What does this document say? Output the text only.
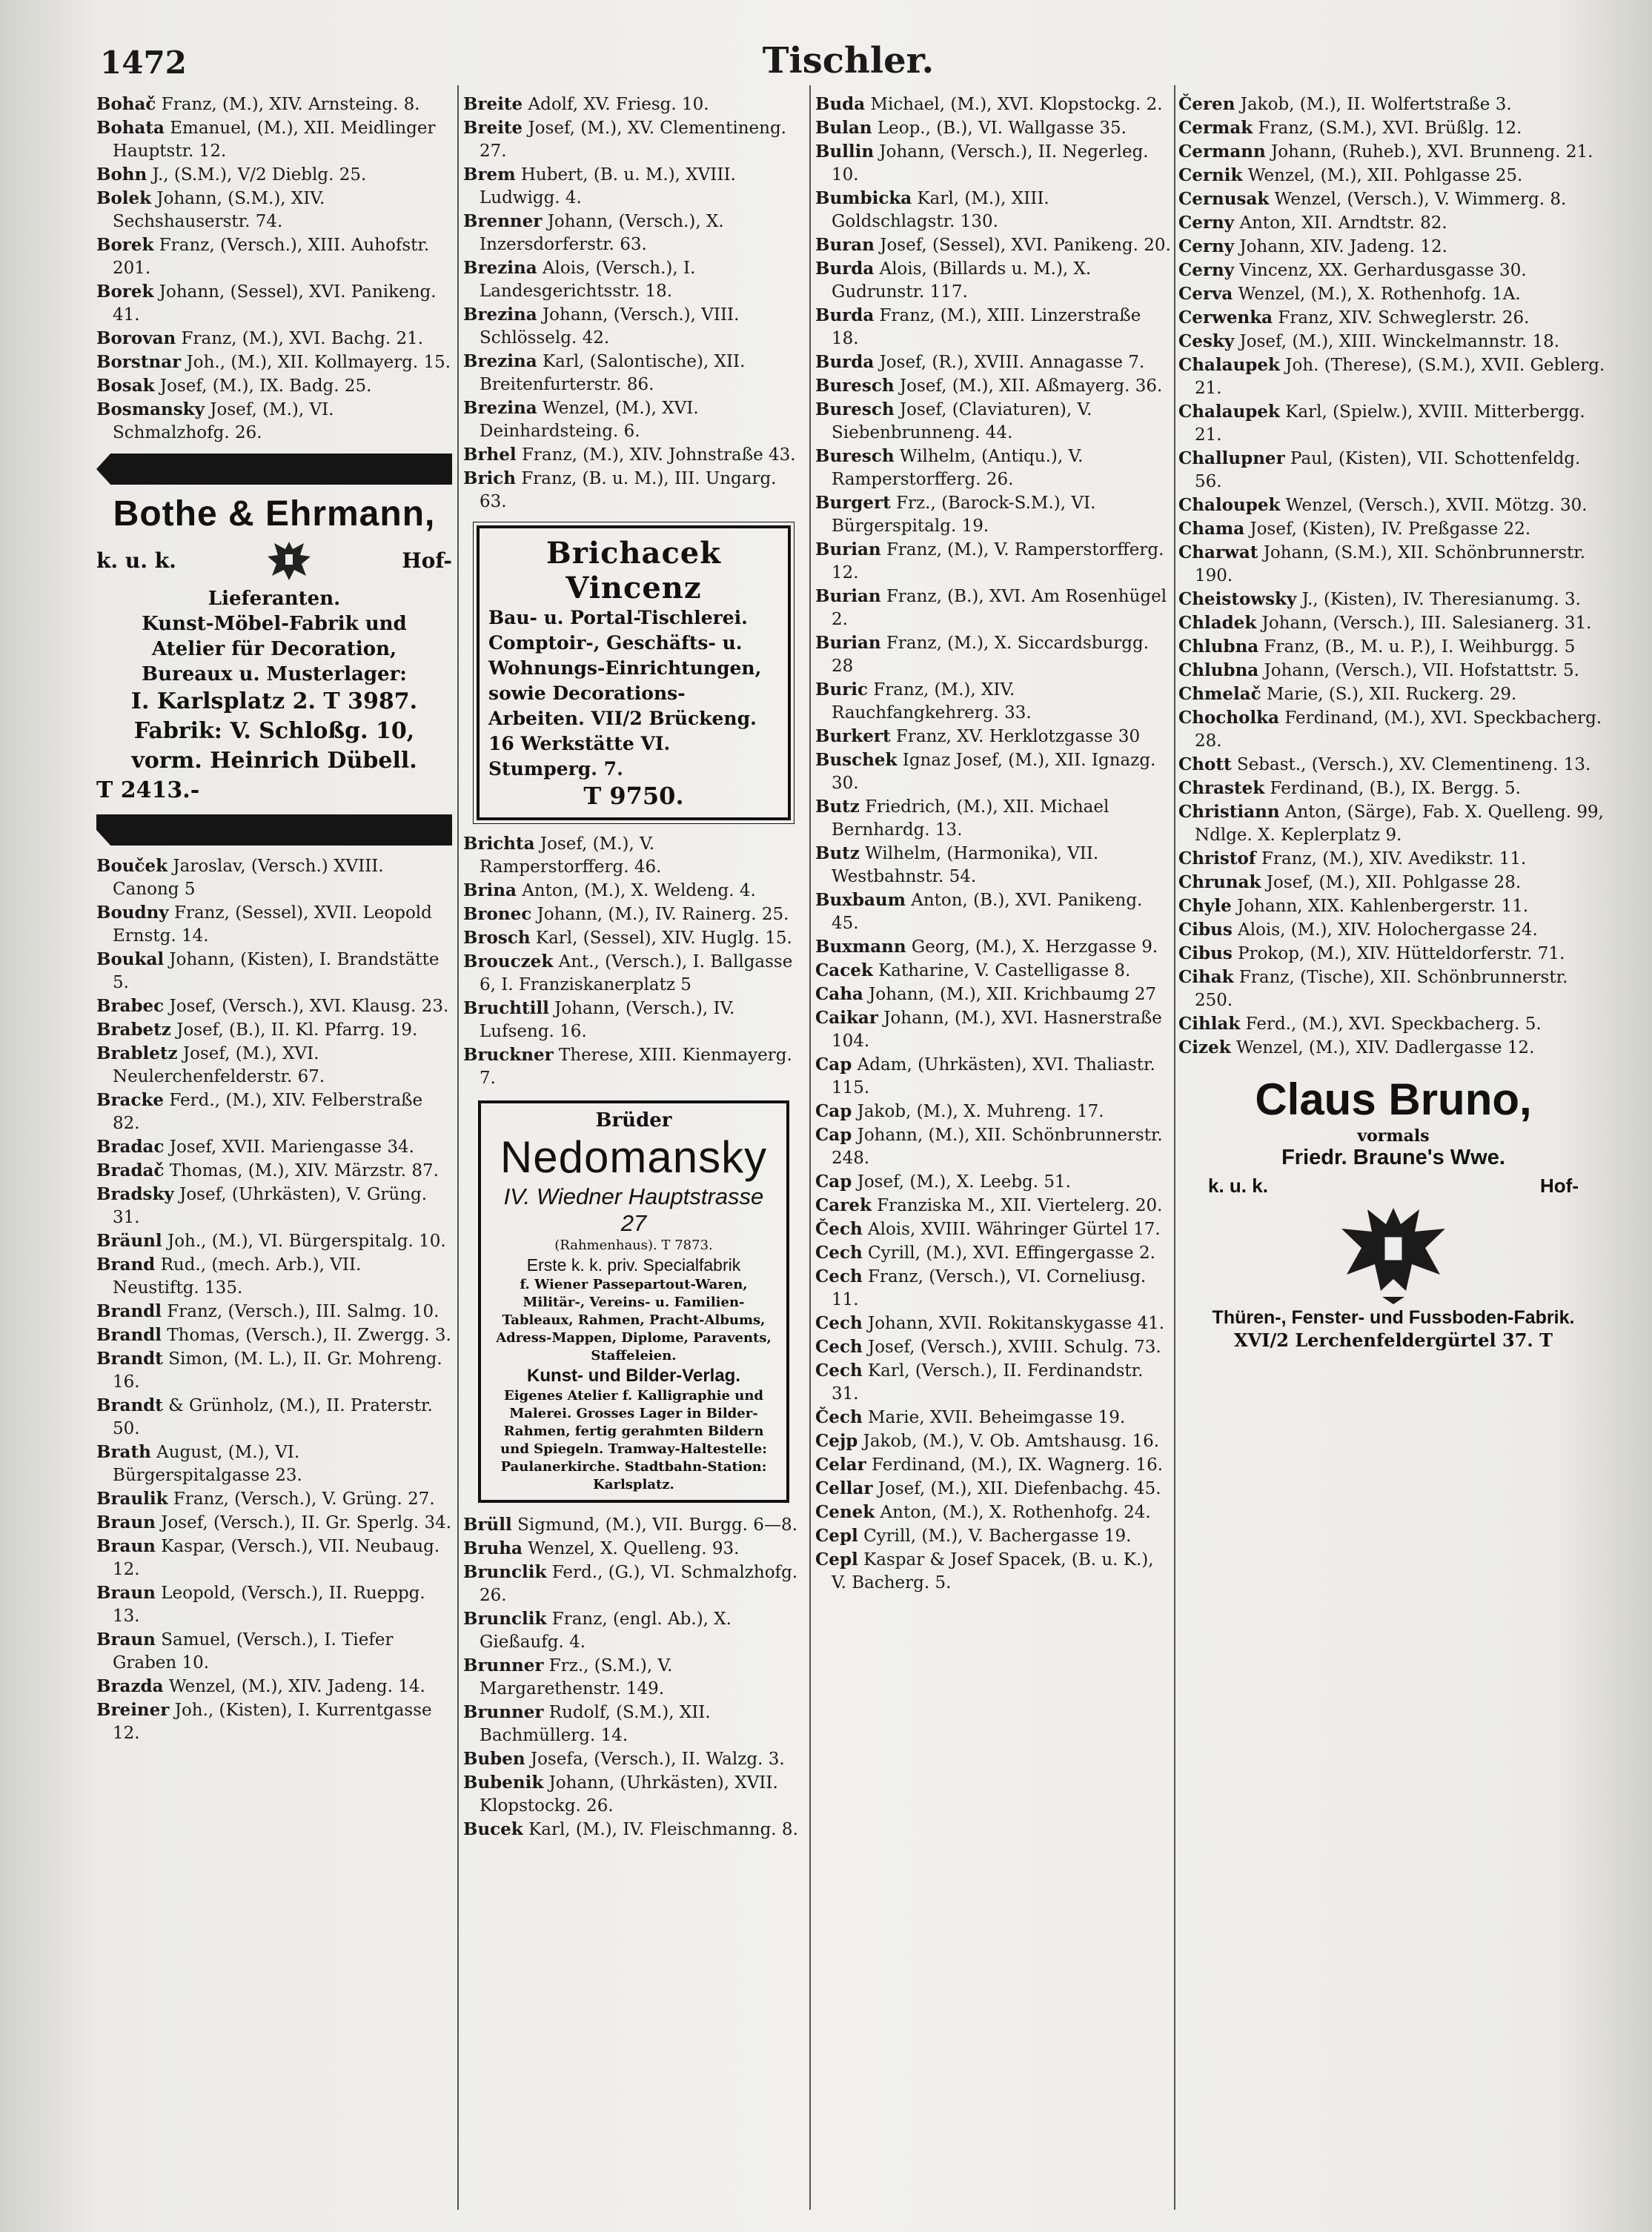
1472	Tischler.
Bohač Franz, (M.), XIV. Arnsteing. 8.
Bohata Emanuel, (M.), XII. Meidlinger Hauptstr. 12.
Bohn J., (S.M.), V/2 Dieblg. 25.
Bolek Johann, (S.M.), XIV. Sechshauserstr. 74.
Borek Franz, (Versch.), XIII. Auhofstr. 201.
Borek Johann, (Sessel), XVI. Panikeng. 41.
Borovan Franz, (M.), XVI. Bachg. 21.
Borstnar Joh., (M.), XII. Kollmayerg. 15.
Bosak Josef, (M.), IX. Badg. 25.
Bosmansky Josef, (M.), VI. Schmalzhofg. 26.
Bothe & Ehrmann,
k. u. k.	Hof-
Lieferanten.
Kunst-Möbel-Fabrik und
Atelier für Decoration,
Bureaux u. Musterlager:
I. Karlsplatz 2. T 3987.
Fabrik: V. Schloßg. 10,
vorm. Heinrich Dübell.
T 2413.-
Bouček Jaroslav, (Versch.) XVIII. Canong 5
Boudny Franz, (Sessel), XVII. Leopold Ernstg. 14.
Boukal Johann, (Kisten), I. Brandstätte 5.
Brabec Josef, (Versch.), XVI. Klausg. 23.
Brabetz Josef, (B.), II. Kl. Pfarrg. 19.
Brabletz Josef, (M.), XVI. Neulerchenfelderstr. 67.
Bracke Ferd., (M.), XIV. Felberstraße 82.
Bradac Josef, XVII. Mariengasse 34.
Bradač Thomas, (M.), XIV. Märzstr. 87.
Bradsky Josef, (Uhrkästen), V. Grüng. 31.
Bräunl Joh., (M.), VI. Bürgerspitalg. 10.
Brand Rud., (mech. Arb.), VII. Neustiftg. 135.
Brandl Franz, (Versch.), III. Salmg. 10.
Brandl Thomas, (Versch.), II. Zwergg. 3.
Brandt Simon, (M. L.), II. Gr. Mohreng. 16.
Brandt & Grünholz, (M.), II. Praterstr. 50.
Brath August, (M.), VI. Bürgerspitalgasse 23.
Braulik Franz, (Versch.), V. Grüng. 27.
Braun Josef, (Versch.), II. Gr. Sperlg. 34.
Braun Kaspar, (Versch.), VII. Neubaug. 12.
Braun Leopold, (Versch.), II. Rueppg. 13.
Braun Samuel, (Versch.), I. Tiefer Graben 10.
Brazda Wenzel, (M.), XIV. Jadeng. 14.
Breiner Joh., (Kisten), I. Kurrentgasse 12.
Breite Adolf, XV. Friesg. 10.
Breite Josef, (M.), XV. Clementineng. 27.
Brem Hubert, (B. u. M.), XVIII. Ludwigg. 4.
Brenner Johann, (Versch.), X. Inzersdorferstr. 63.
Brezina Alois, (Versch.), I. Landesgerichtsstr. 18.
Brezina Johann, (Versch.), VIII. Schlösselg. 42.
Brezina Karl, (Salontische), XII. Breitenfurterstr. 86.
Brezina Wenzel, (M.), XVI. Deinhardsteing. 6.
Brhel Franz, (M.), XIV. Johnstraße 43.
Brich Franz, (B. u. M.), III. Ungarg. 63.
Brichacek Vincenz
Bau- u. Portal-Tischlerei. Comptoir-, Geschäfts- u. Wohnungs-Einrichtungen, sowie Decorations-Arbeiten. VII/2 Brückeng. 16 Werkstätte VI. Stumperg. 7.
T 9750.
Brichta Josef, (M.), V. Ramperstorfferg. 46.
Brina Anton, (M.), X. Weldeng. 4.
Bronec Johann, (M.), IV. Rainerg. 25.
Brosch Karl, (Sessel), XIV. Huglg. 15.
Brouczek Ant., (Versch.), I. Ballgasse 6, I. Franziskanerplatz 5
Bruchtill Johann, (Versch.), IV. Lufseng. 16.
Bruckner Therese, XIII. Kienmayerg. 7.
Brüder
Nedomansky
IV. Wiedner Hauptstrasse 27
(Rahmenhaus). T 7873.
Erste k. k. priv. Specialfabrik
f. Wiener Passepartout-Waren, Militär-, Vereins- u. Familien-Tableaux, Rahmen, Pracht-Albums, Adress-Mappen, Diplome, Paravents, Staffeleien.
Kunst- und Bilder-Verlag.
Eigenes Atelier f. Kalligraphie und Malerei. Grosses Lager in Bilder-Rahmen, fertig gerahmten Bildern und Spiegeln. Tramway-Haltestelle: Paulanerkirche. Stadtbahn-Station: Karlsplatz.
Brüll Sigmund, (M.), VII. Burgg. 6—8.
Bruha Wenzel, X. Quelleng. 93.
Brunclik Ferd., (G.), VI. Schmalzhofg. 26.
Brunclik Franz, (engl. Ab.), X. Gießaufg. 4.
Brunner Frz., (S.M.), V. Margarethenstr. 149.
Brunner Rudolf, (S.M.), XII. Bachmüllerg. 14.
Buben Josefa, (Versch.), II. Walzg. 3.
Bubenik Johann, (Uhrkästen), XVII. Klopstockg. 26.
Bucek Karl, (M.), IV. Fleischmanng. 8.
Buda Michael, (M.), XVI. Klopstockg. 2.
Bulan Leop., (B.), VI. Wallgasse 35.
Bullin Johann, (Versch.), II. Negerleg. 10.
Bumbicka Karl, (M.), XIII. Goldschlagstr. 130.
Buran Josef, (Sessel), XVI. Panikeng. 20.
Burda Alois, (Billards u. M.), X. Gudrunstr. 117.
Burda Franz, (M.), XIII. Linzerstraße 18.
Burda Josef, (R.), XVIII. Annagasse 7.
Buresch Josef, (M.), XII. Aßmayerg. 36.
Buresch Josef, (Claviaturen), V. Siebenbrunneng. 44.
Buresch Wilhelm, (Antiqu.), V. Ramperstorfferg. 26.
Burgert Frz., (Barock-S.M.), VI. Bürgerspitalg. 19.
Burian Franz, (M.), V. Ramperstorfferg. 12.
Burian Franz, (B.), XVI. Am Rosenhügel 2.
Burian Franz, (M.), X. Siccardsburgg. 28
Buric Franz, (M.), XIV. Rauchfangkehrerg. 33.
Burkert Franz, XV. Herklotzgasse 30
Buschek Ignaz Josef, (M.), XII. Ignazg. 30.
Butz Friedrich, (M.), XII. Michael Bernhardg. 13.
Butz Wilhelm, (Harmonika), VII. Westbahnstr. 54.
Buxbaum Anton, (B.), XVI. Panikeng. 45.
Buxmann Georg, (M.), X. Herzgasse 9.
Cacek Katharine, V. Castelligasse 8.
Caha Johann, (M.), XII. Krichbaumg 27
Caikar Johann, (M.), XVI. Hasnerstraße 104.
Cap Adam, (Uhrkästen), XVI. Thaliastr. 115.
Cap Jakob, (M.), X. Muhreng. 17.
Cap Johann, (M.), XII. Schönbrunnerstr. 248.
Cap Josef, (M.), X. Leebg. 51.
Carek Franziska M., XII. Viertelerg. 20.
Čech Alois, XVIII. Währinger Gürtel 17.
Cech Cyrill, (M.), XVI. Effingergasse 2.
Cech Franz, (Versch.), VI. Corneliusg. 11.
Cech Johann, XVII. Rokitanskygasse 41.
Cech Josef, (Versch.), XVIII. Schulg. 73.
Cech Karl, (Versch.), II. Ferdinandstr. 31.
Čech Marie, XVII. Beheimgasse 19.
Cejp Jakob, (M.), V. Ob. Amtshausg. 16.
Celar Ferdinand, (M.), IX. Wagnerg. 16.
Cellar Josef, (M.), XII. Diefenbachg. 45.
Cenek Anton, (M.), X. Rothenhofg. 24.
Cepl Cyrill, (M.), V. Bachergasse 19.
Cepl Kaspar & Josef Spacek, (B. u. K.), V. Bacherg. 5.
Čeren Jakob, (M.), II. Wolfertstraße 3.
Cermak Franz, (S.M.), XVI. Brüßlg. 12.
Cermann Johann, (Ruheb.), XVI. Brunneng. 21.
Cernik Wenzel, (M.), XII. Pohlgasse 25.
Cernusak Wenzel, (Versch.), V. Wimmerg. 8.
Cerny Anton, XII. Arndtstr. 82.
Cerny Johann, XIV. Jadeng. 12.
Cerny Vincenz, XX. Gerhardusgasse 30.
Cerva Wenzel, (M.), X. Rothenhofg. 1A.
Cerwenka Franz, XIV. Schweglerstr. 26.
Cesky Josef, (M.), XIII. Winckelmannstr. 18.
Chalaupek Joh. (Therese), (S.M.), XVII. Geblerg. 21.
Chalaupek Karl, (Spielw.), XVIII. Mitterbergg. 21.
Challupner Paul, (Kisten), VII. Schottenfeldg. 56.
Chaloupek Wenzel, (Versch.), XVII. Mötzg. 30.
Chama Josef, (Kisten), IV. Preßgasse 22.
Charwat Johann, (S.M.), XII. Schönbrunnerstr. 190.
Cheistowsky J., (Kisten), IV. Theresianumg. 3.
Chladek Johann, (Versch.), III. Salesianerg. 31.
Chlubna Franz, (B., M. u. P.), I. Weihburgg. 5
Chlubna Johann, (Versch.), VII. Hofstattstr. 5.
Chmelač Marie, (S.), XII. Ruckerg. 29.
Chocholka Ferdinand, (M.), XVI. Speckbacherg. 28.
Chott Sebast., (Versch.), XV. Clementineng. 13.
Chrastek Ferdinand, (B.), IX. Bergg. 5.
Christiann Anton, (Särge), Fab. X. Quelleng. 99, Ndlge. X. Keplerplatz 9.
Christof Franz, (M.), XIV. Avedikstr. 11.
Chrunak Josef, (M.), XII. Pohlgasse 28.
Chyle Johann, XIX. Kahlenbergerstr. 11.
Cibus Alois, (M.), XIV. Holochergasse 24.
Cibus Prokop, (M.), XIV. Hütteldorferstr. 71.
Cihak Franz, (Tische), XII. Schönbrunnerstr. 250.
Cihlak Ferd., (M.), XVI. Speckbacherg. 5.
Cizek Wenzel, (M.), XIV. Dadlergasse 12.
Claus Bruno,
vormals
Friedr. Braune's Wwe.
k. u. k.	Hof-
Thüren-, Fenster- und Fussboden-Fabrik.
XVI/2 Lerchenfeldergürtel 37. T
